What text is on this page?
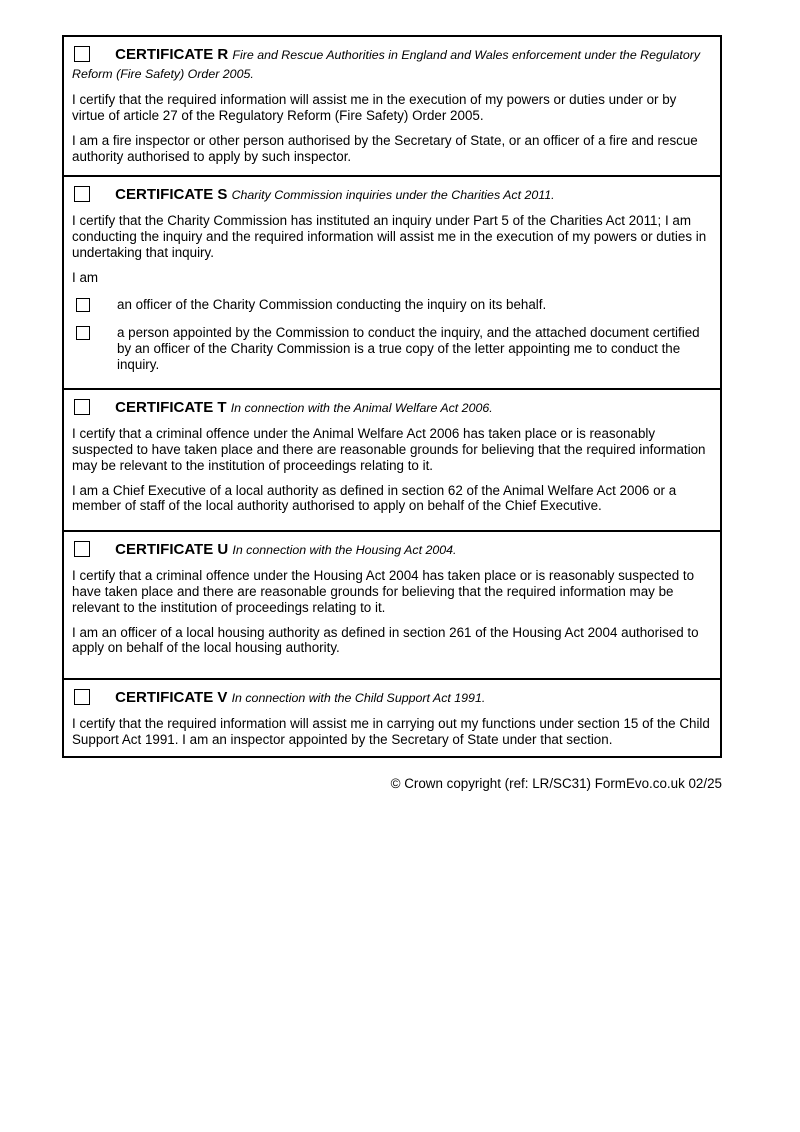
CERTIFICATE R Fire and Rescue Authorities in England and Wales enforcement under the Regulatory Reform (Fire Safety) Order 2005.

I certify that the required information will assist me in the execution of my powers or duties under or by virtue of article 27 of the Regulatory Reform (Fire Safety) Order 2005.

I am a fire inspector or other person authorised by the Secretary of State, or an officer of a fire and rescue authority authorised to apply by such inspector.

CERTIFICATE S Charity Commission inquiries under the Charities Act 2011.

I certify that the Charity Commission has instituted an inquiry under Part 5 of the Charities Act 2011; I am conducting the inquiry and the required information will assist me in the execution of my powers or duties in undertaking that inquiry.

I am

an officer of the Charity Commission conducting the inquiry on its behalf.
a person appointed by the Commission to conduct the inquiry, and the attached document certified by an officer of the Charity Commission is a true copy of the letter appointing me to conduct the inquiry.

CERTIFICATE T In connection with the Animal Welfare Act 2006.

I certify that a criminal offence under the Animal Welfare Act 2006 has taken place or is reasonably suspected to have taken place and there are reasonable grounds for believing that the required information may be relevant to the institution of proceedings relating to it.

I am a Chief Executive of a local authority as defined in section 62 of the Animal Welfare Act 2006 or a member of staff of the local authority authorised to apply on behalf of the Chief Executive.

CERTIFICATE U In connection with the Housing Act 2004.

I certify that a criminal offence under the Housing Act 2004 has taken place or is reasonably suspected to have taken place and there are reasonable grounds for believing that the required information may be relevant to the institution of proceedings relating to it.

I am an officer of a local housing authority as defined in section 261 of the Housing Act 2004 authorised to apply on behalf of the local housing authority.

CERTIFICATE V In connection with the Child Support Act 1991.

I certify that the required information will assist me in carrying out my functions under section 15 of the Child Support Act 1991. I am an inspector appointed by the Secretary of State under that section.

© Crown copyright (ref: LR/SC31) FormEvo.co.uk 02/25
